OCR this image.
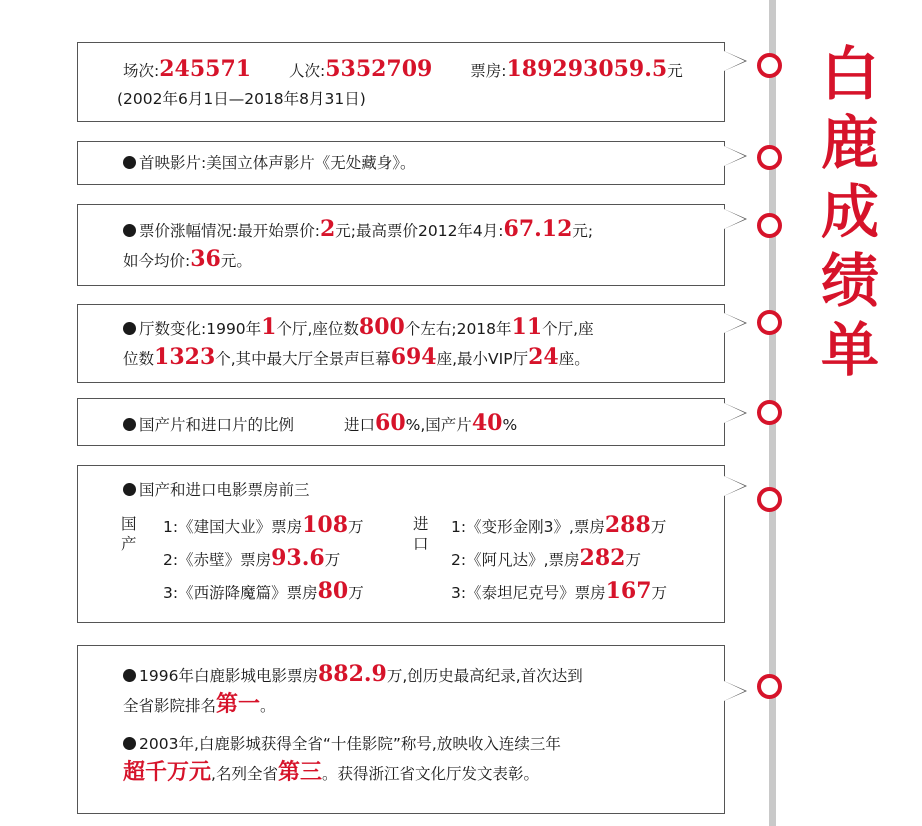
白
鹿
成
绩
单
场次:245571 人次:5352709 票房:189293059.5元
(2002年6月1日—2018年8月31日)
首映影片:美国立体声影片《无处藏身》。
票价涨幅情况:最开始票价:2元;最高票价2012年4月:67.12元;
如今均价:36元。
厅数变化:1990年1个厅,座位数800个左右;2018年11个厅,座
位数1323个,其中最大厅全景声巨幕694座,最小VIP厅24座。
国产片和进口片的比例	进口60%,国产片40%
国产和进口电影票房前三
国产
1:《建国大业》票房108万
2:《赤壁》票房93.6万
3:《西游降魔篇》票房80万
进口
1:《变形金刚3》,票房288万
2:《阿凡达》,票房282万
3:《泰坦尼克号》票房167万
1996年白鹿影城电影票房882.9万,创历史最高纪录,首次达到
全省影院排名第一。
2003年,白鹿影城获得全省“十佳影院”称号,放映收入连续三年
超千万元,名列全省第三。获得浙江省文化厅发文表彰。
